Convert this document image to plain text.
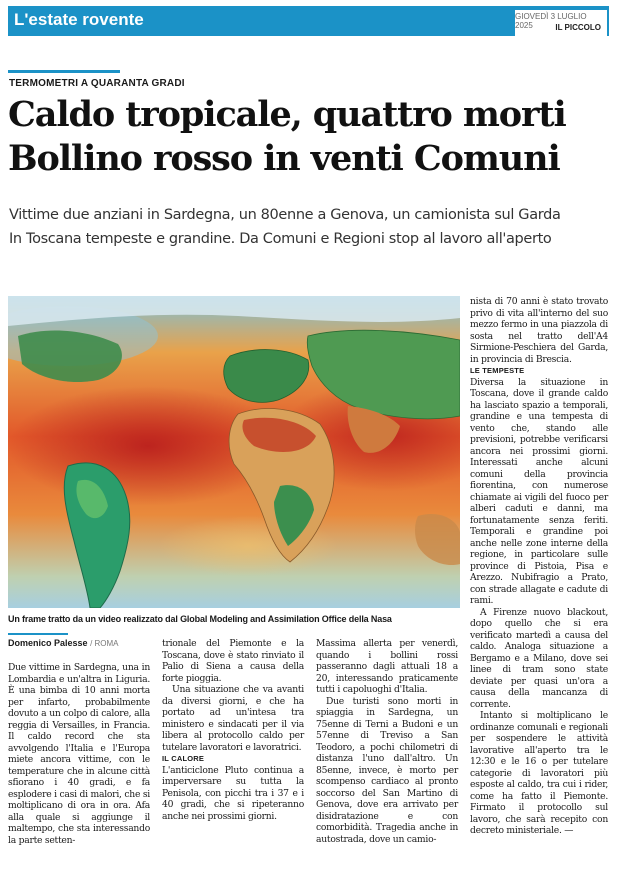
L'estate rovente	GIOVEDÌ 3 LUGLIO 2025	IL PICCOLO
TERMOMETRI A QUARANTA GRADI
Caldo tropicale, quattro morti
Bollino rosso in venti Comuni
Vittime due anziani in Sardegna, un 80enne a Genova, un camionista sul Garda
In Toscana tempeste e grandine. Da Comuni e Regioni stop al lavoro all'aperto
Un frame tratto da un video realizzato dal Global Modeling and Assimilation Office della Nasa
Domenico Palesse / ROMA

Due vittime in Sardegna, una in Lombardia e un'altra in Liguria. È una bimba di 10 anni morta per infarto, probabilmente dovuto a un colpo di calore, alla reggia di Versailles, in Francia. Il caldo record che sta avvolgendo l'Italia e l'Europa miete ancora vittime, con le temperature che in alcune città sfiorano i 40 gradi, e fa esplodere i casi di malori, che si moltiplicano di ora in ora. Afa alla quale si aggiunge il maltempo, che sta interessando la parte setten-

trionale del Piemonte e la Toscana, dove è stato rinviato il Palio di Siena a causa della forte pioggia.

Una situazione che va avanti da diversi giorni, e che ha portato ad un'intesa tra ministero e sindacati per il via libera al protocollo caldo per tutelare lavoratori e lavoratrici.

IL CALORE

L'anticiclone Pluto continua a imperversare su tutta la Penisola, con picchi tra i 37 e i 40 gradi, che si ripeteranno anche nei prossimi giorni.

Massima allerta per venerdì, quando i bollini rossi passeranno dagli attuali 18 a 20, interessando praticamente tutti i capoluoghi d'Italia.

Due turisti sono morti in spiaggia in Sardegna, un 75enne di Terni a Budoni e un 57enne di Treviso a San Teodoro, a pochi chilometri di distanza l'uno dall'altro. Un 85enne, invece, è morto per scompenso cardiaco al pronto soccorso del San Martino di Genova, dove era arrivato per disidratazione e con comorbidità. Tragedia anche in autostrada, dove un camio-

nista di 70 anni è stato trovato privo di vita all'interno del suo mezzo fermo in una piazzola di sosta nel tratto dell'A4 Sirmione-Peschiera del Garda, in provincia di Brescia.

LE TEMPESTE

Diversa la situazione in Toscana, dove il grande caldo ha lasciato spazio a temporali, grandine e una tempesta di vento che, stando alle previsioni, potrebbe verificarsi ancora nei prossimi giorni. Interessati anche alcuni comuni della provincia fiorentina, con numerose chiamate ai vigili del fuoco per alberi caduti e danni, ma fortunatamente senza feriti. Temporali e grandine poi anche nelle zone interne della regione, in particolare sulle province di Pistoia, Pisa e Arezzo. Nubifragio a Prato, con strade allagate e cadute di rami.

A Firenze nuovo blackout, dopo quello che si era verificato martedì a causa del caldo. Analoga situazione a Bergamo e a Milano, dove sei linee di tram sono state deviate per quasi un'ora a causa della mancanza di corrente.

Intanto si moltiplicano le ordinanze comunali e regionali per sospendere le attività lavorative all'aperto tra le 12:30 e le 16 o per tutelare categorie di lavoratori più esposte al caldo, tra cui i rider, come ha fatto il Piemonte. Firmato il protocollo sul lavoro, che sarà recepito con decreto ministeriale. —
